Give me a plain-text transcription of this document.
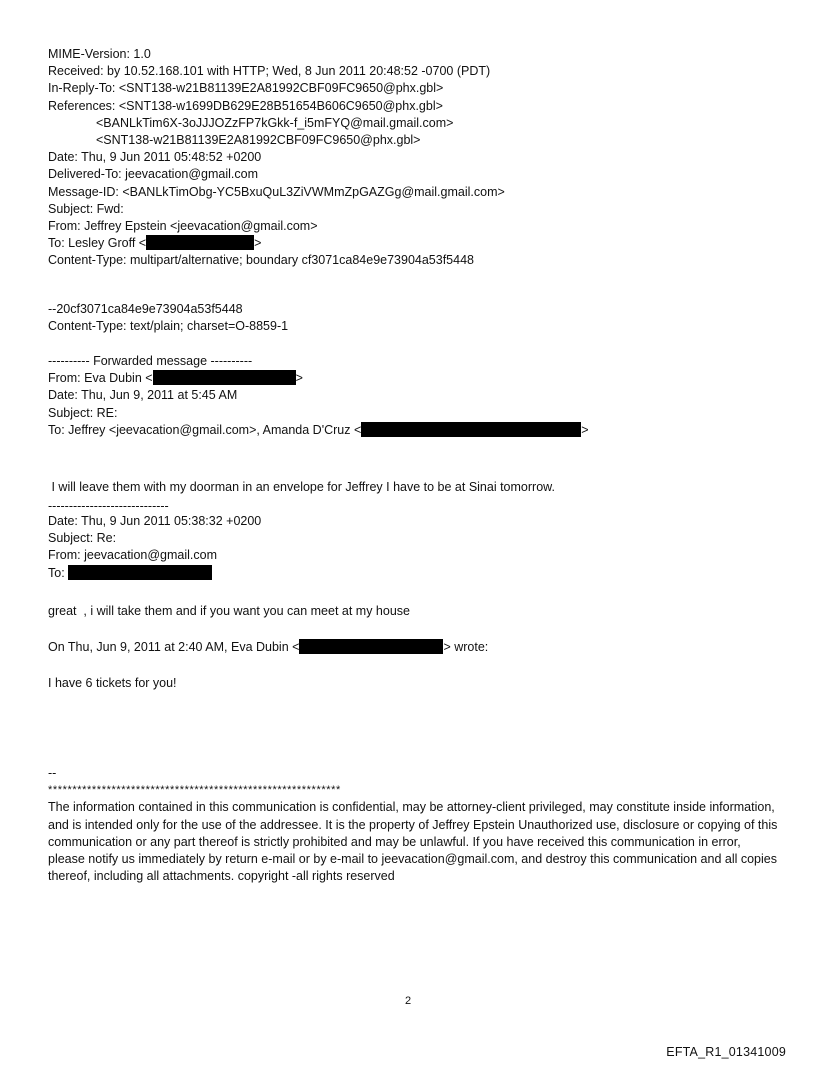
MIME-Version: 1.0
Received: by 10.52.168.101 with HTTP; Wed, 8 Jun 2011 20:48:52 -0700 (PDT)
In-Reply-To: <SNT138-w21B81139E2A81992CBF09FC9650@phx.gbl>
References: <SNT138-w1699DB629E28B51654B606C9650@phx.gbl>
<BANLkTim6X-3oJJJOZzFP7kGkk-f_i5mFYQ@mail.gmail.com>
<SNT138-w21B81139E2A81992CBF09FC9650@phx.gbl>
Date: Thu, 9 Jun 2011 05:48:52 +0200
Delivered-To: jeevacation@gmail.com
Message-ID: <BANLkTimObg-YC5BxuQuL3ZiVWMmZpGAZGg@mail.gmail.com>
Subject: Fwd:
From: Jeffrey Epstein <jeevacation@gmail.com>
To: Lesley Groff <	>
Content-Type: multipart/alternative; boundary cf3071ca84e9e73904a53f5448
--20cf3071ca84e9e73904a53f5448
Content-Type: text/plain; charset=O-8859-1
---------- Forwarded message ----------
From: Eva Dubin <	>
Date: Thu, Jun 9, 2011 at 5:45 AM
Subject: RE:
To: Jeffrey <jeevacation@gmail.com>, Amanda D'Cruz <	>
I will leave them with my doorman in an envelope for Jeffrey I have to be at Sinai tomorrow.
-----------------------------
Date: Thu, 9 Jun 2011 05:38:32 +0200
Subject: Re:
From: jeevacation@gmail.com
To:
great  , i will take them and if you want you can meet at my house
On Thu, Jun 9, 2011 at 2:40 AM, Eva Dubin <	> wrote:
I have 6 tickets for you!
--
************************************************************
The information contained in this communication is confidential, may be attorney-client privileged, may constitute inside information, and is intended only for the use of the addressee. It is the property of Jeffrey Epstein Unauthorized use, disclosure or copying of this communication or any part thereof is strictly prohibited and may be unlawful. If you have received this communication in error, please notify us immediately by return e-mail or by e-mail to jeevacation@gmail.com, and destroy this communication and all copies thereof, including all attachments. copyright -all rights reserved
2
EFTA_R1_01341009
